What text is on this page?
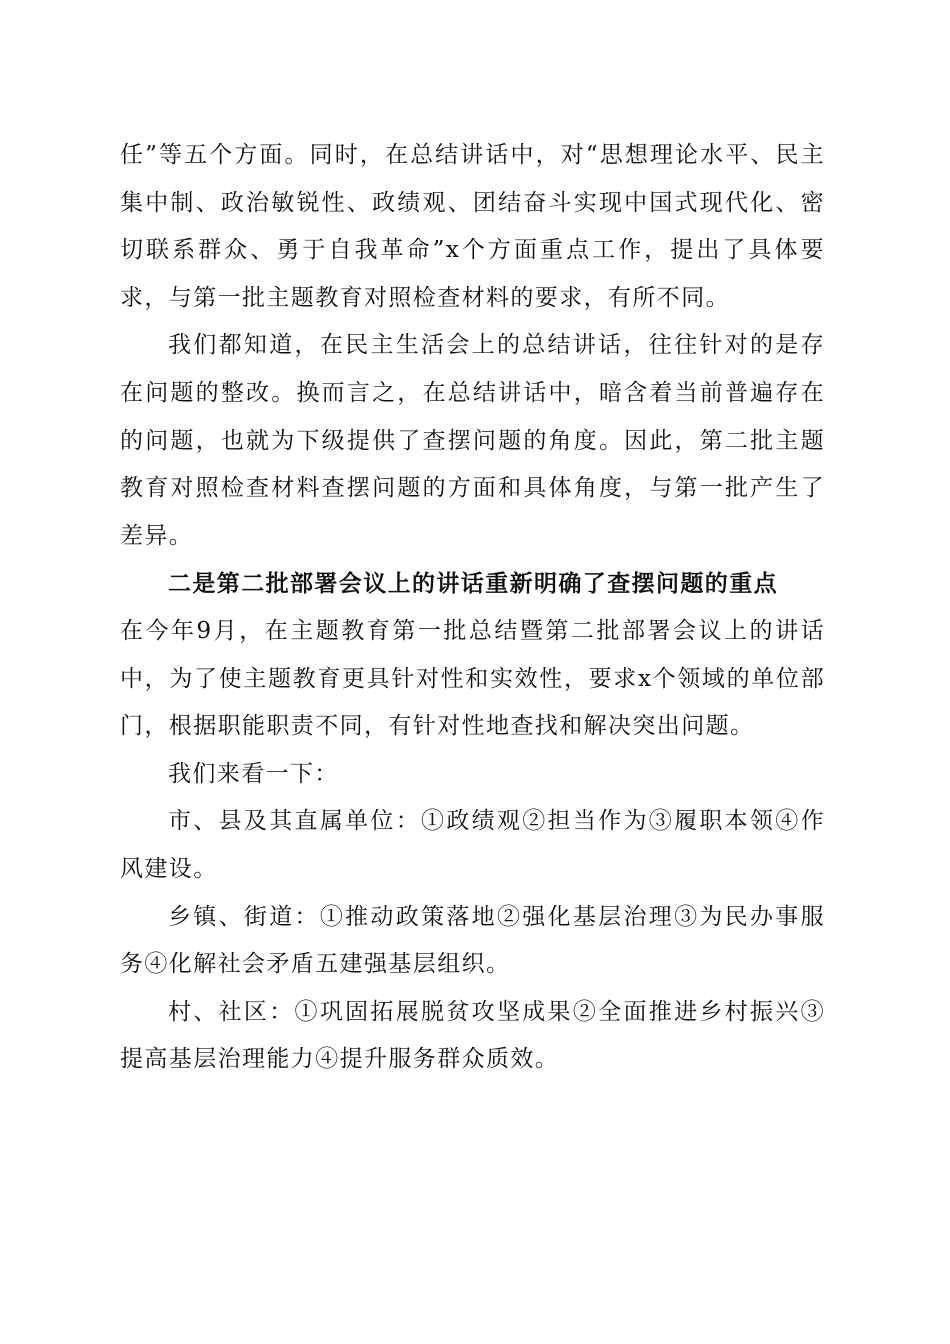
任”等五个方面。同时，在总结讲话中，对“思想理论水平、民主集中制、政治敏锐性、政绩观、团结奋斗实现中国式现代化、密切联系群众、勇于自我革命”x个方面重点工作，提出了具体要求，与第一批主题教育对照检查材料的要求，有所不同。

我们都知道，在民主生活会上的总结讲话，往往针对的是存在问题的整改。换而言之，在总结讲话中，暗含着当前普遍存在的问题，也就为下级提供了查摆问题的角度。因此，第二批主题教育对照检查材料查摆问题的方面和具体角度，与第一批产生了差异。

二是第二批部署会议上的讲话重新明确了查摆问题的重点

在今年9月，在主题教育第一批总结暨第二批部署会议上的讲话中，为了使主题教育更具针对性和实效性，要求x个领域的单位部门，根据职能职责不同，有针对性地查找和解决突出问题。

我们来看一下：

市、县及其直属单位：①政绩观②担当作为③履职本领④作风建设。

乡镇、街道：①推动政策落地②强化基层治理③为民办事服务④化解社会矛盾五建强基层组织。

村、社区：①巩固拓展脱贫攻坚成果②全面推进乡村振兴③提高基层治理能力④提升服务群众质效。
